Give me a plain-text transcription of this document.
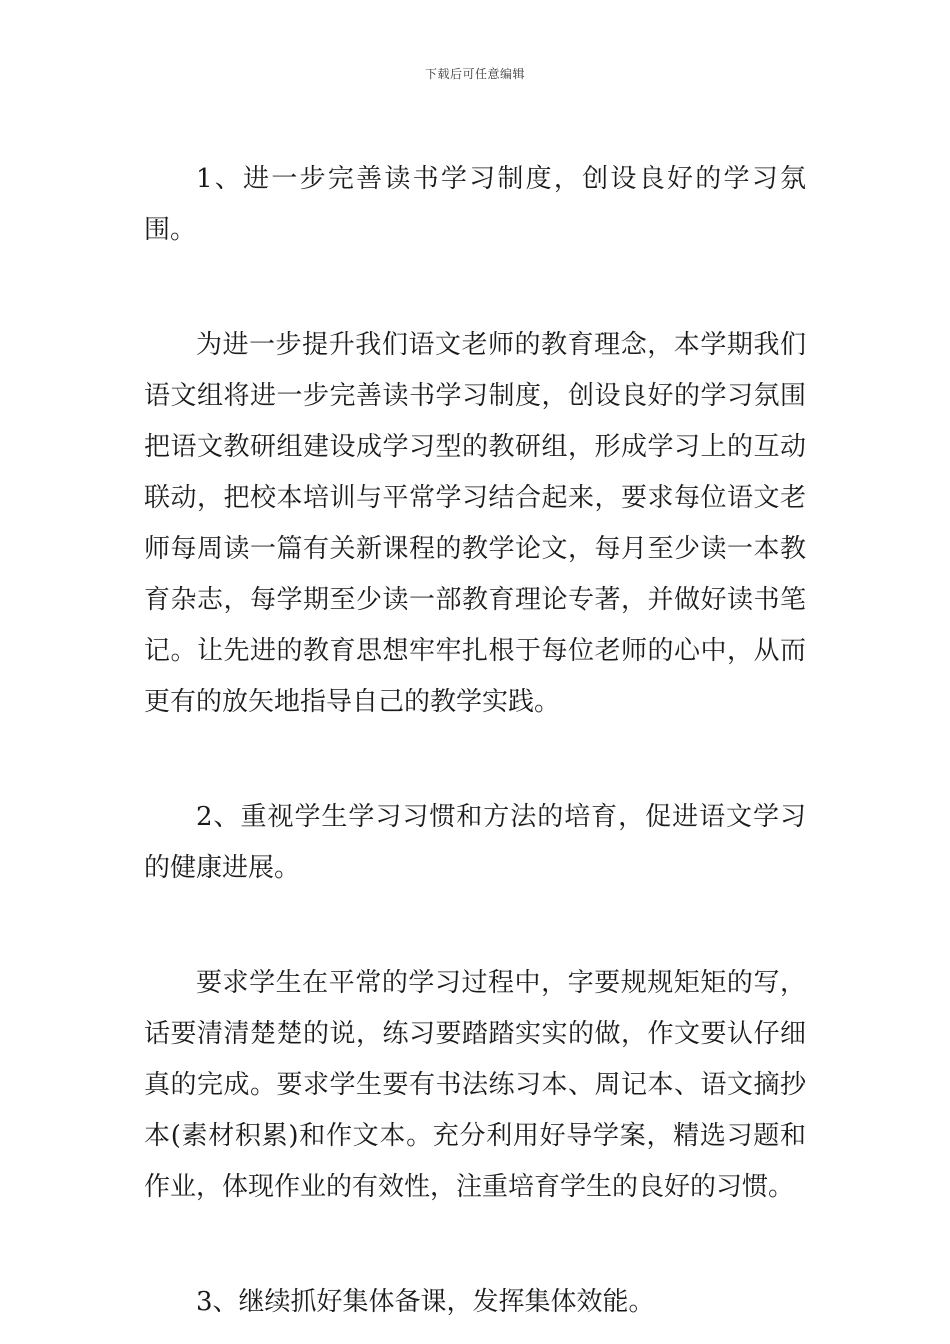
下载后可任意编辑

1、进一步完善读书学习制度，创设良好的学习氛围。

为进一步提升我们语文老师的教育理念，本学期我们语文组将进一步完善读书学习制度，创设良好的学习氛围把语文教研组建设成学习型的教研组，形成学习上的互动联动，把校本培训与平常学习结合起来，要求每位语文老师每周读一篇有关新课程的教学论文，每月至少读一本教育杂志，每学期至少读一部教育理论专著，并做好读书笔记。让先进的教育思想牢牢扎根于每位老师的心中，从而更有的放矢地指导自己的教学实践。

2、重视学生学习习惯和方法的培育，促进语文学习的健康进展。

要求学生在平常的学习过程中，字要规规矩矩的写，话要清清楚楚的说，练习要踏踏实实的做，作文要认仔细真的完成。要求学生要有书法练习本、周记本、语文摘抄本(素材积累)和作文本。充分利用好导学案，精选习题和作业，体现作业的有效性，注重培育学生的良好的习惯。

3、继续抓好集体备课，发挥集体效能。
